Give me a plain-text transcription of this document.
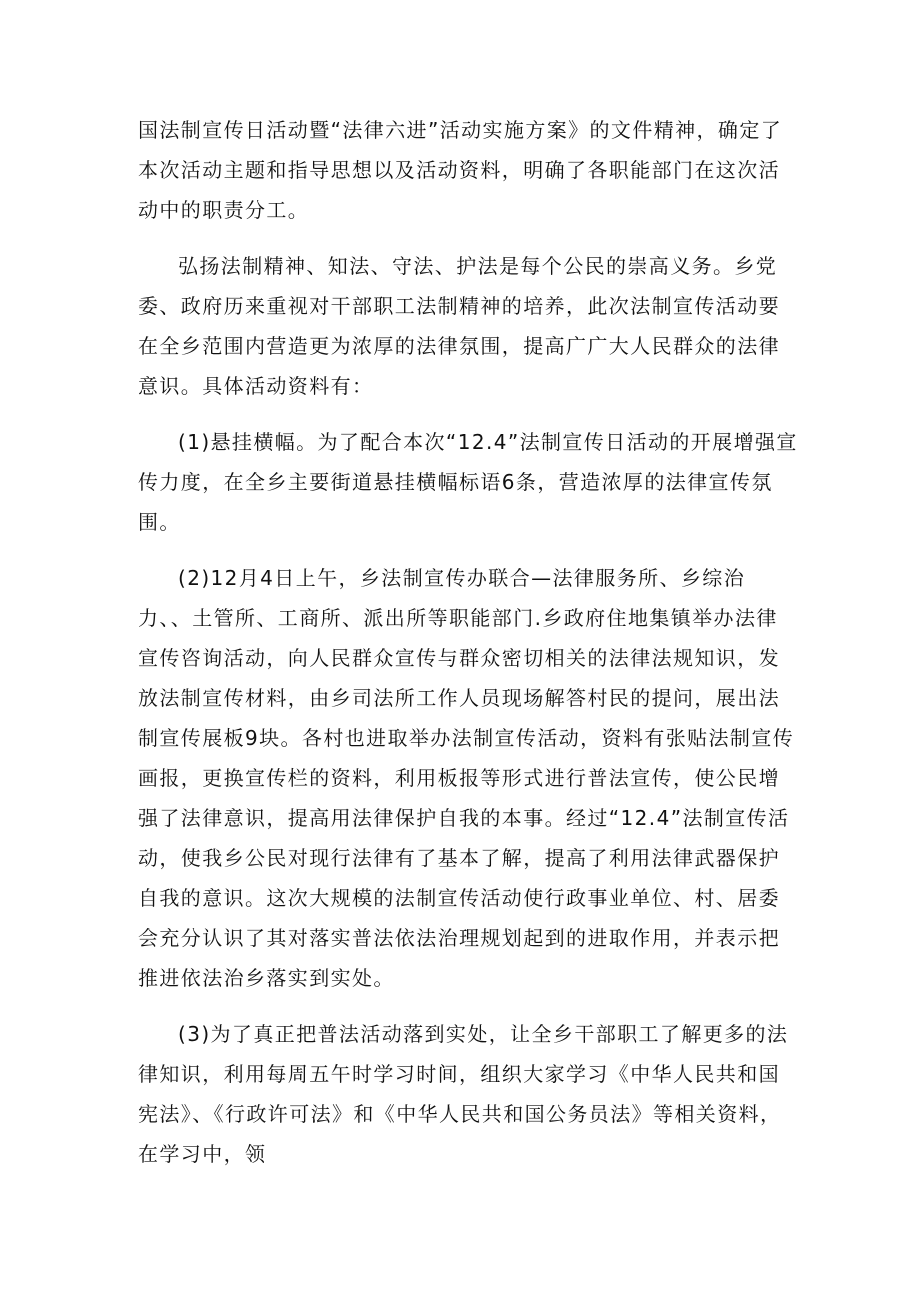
国法制宣传日活动暨“法律六进”活动实施方案》的文件精神，确定了本次活动主题和指导思想以及活动资料，明确了各职能部门在这次活动中的职责分工。

弘扬法制精神、知法、守法、护法是每个公民的崇高义务。乡党委、政府历来重视对干部职工法制精神的培养，此次法制宣传活动要在全乡范围内营造更为浓厚的法律氛围，提高广广大人民群众的法律意识。具体活动资料有：

(1)悬挂横幅。为了配合本次“12.4”法制宣传日活动的开展增强宣传力度，在全乡主要街道悬挂横幅标语6条，营造浓厚的法律宣传氛围。

(2)12月4日上午，乡法制宣传办联合—法律服务所、乡综治力、、土管所、工商所、派出所等职能部门.乡政府住地集镇举办法律宣传咨询活动，向人民群众宣传与群众密切相关的法律法规知识，发放法制宣传材料，由乡司法所工作人员现场解答村民的提问，展出法制宣传展板9块。各村也进取举办法制宣传活动，资料有张贴法制宣传画报，更换宣传栏的资料，利用板报等形式进行普法宣传，使公民增强了法律意识，提高用法律保护自我的本事。经过“12.4”法制宣传活动，使我乡公民对现行法律有了基本了解，提高了利用法律武器保护自我的意识。这次大规模的法制宣传活动使行政事业单位、村、居委会充分认识了其对落实普法依法治理规划起到的进取作用，并表示把推进依法治乡落实到实处。

(3)为了真正把普法活动落到实处，让全乡干部职工了解更多的法律知识，利用每周五午时学习时间，组织大家学习《中华人民共和国宪法》、《行政许可法》和《中华人民共和国公务员法》等相关资料，在学习中，领
